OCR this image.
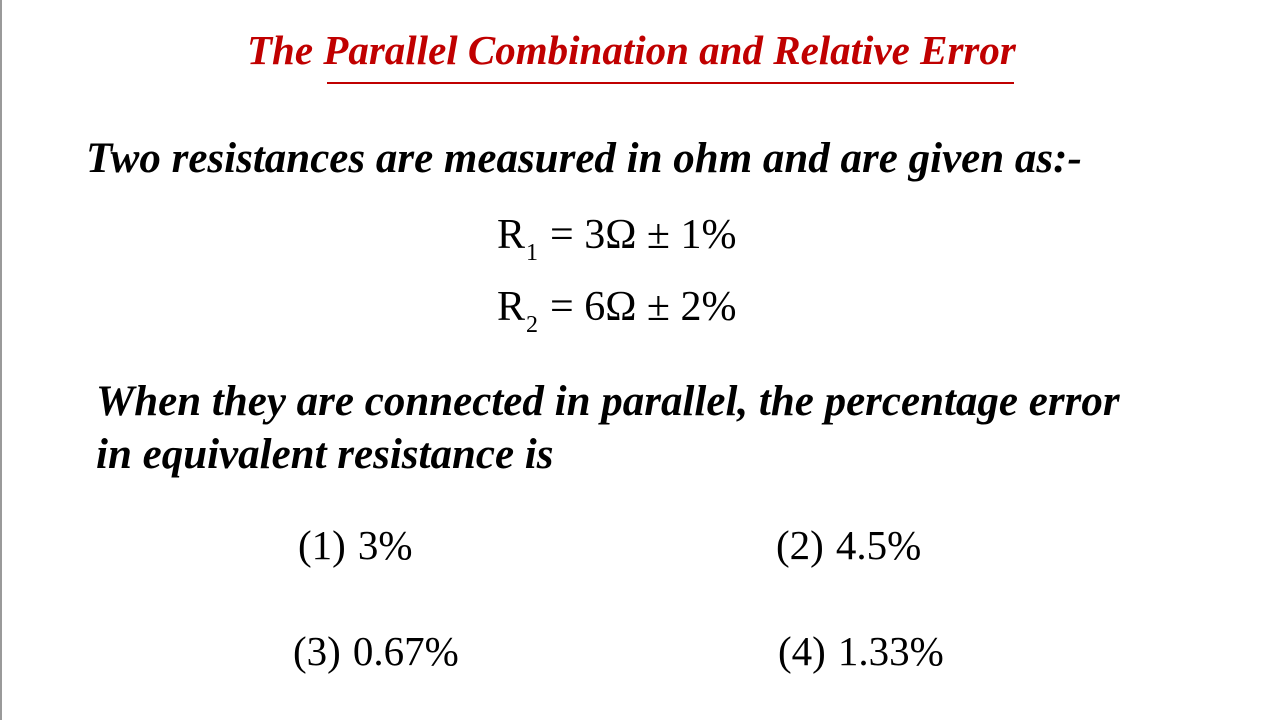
The Parallel Combination and Relative Error
Two resistances are measured in ohm and are given as:-
$R_1 = 3\Omega \pm 1\%$
$R_2 = 6\Omega \pm 2\%$
When they are connected in parallel, the percentage error
in equivalent resistance is
(1) 3%	(2) 4.5%
(3) 0.67%	(4) 1.33%
